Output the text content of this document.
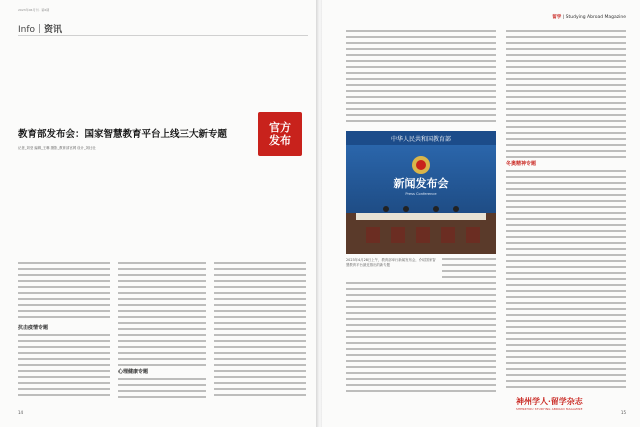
2023年06月刊 · 第6期
Info 资讯
官方
发布
教育部发布会：国家智慧教育平台上线三大新专题
记者_刘莹 编辑_王琳 摄影_教育部官网 设计_刘壮壮
抗击疫情专题
心理健康专题
14
留学 | Studying Abroad Magazine
中华人民共和国教育部
新闻发布会
Press Conference
2023年4月28日上午，教育部举行新闻发布会，介绍国家智慧教育平台最近推出的新专题
冬奥精神专题
神州学人·留学杂志
SHENZHOU STUDYING ABROAD MAGAZINE
15
